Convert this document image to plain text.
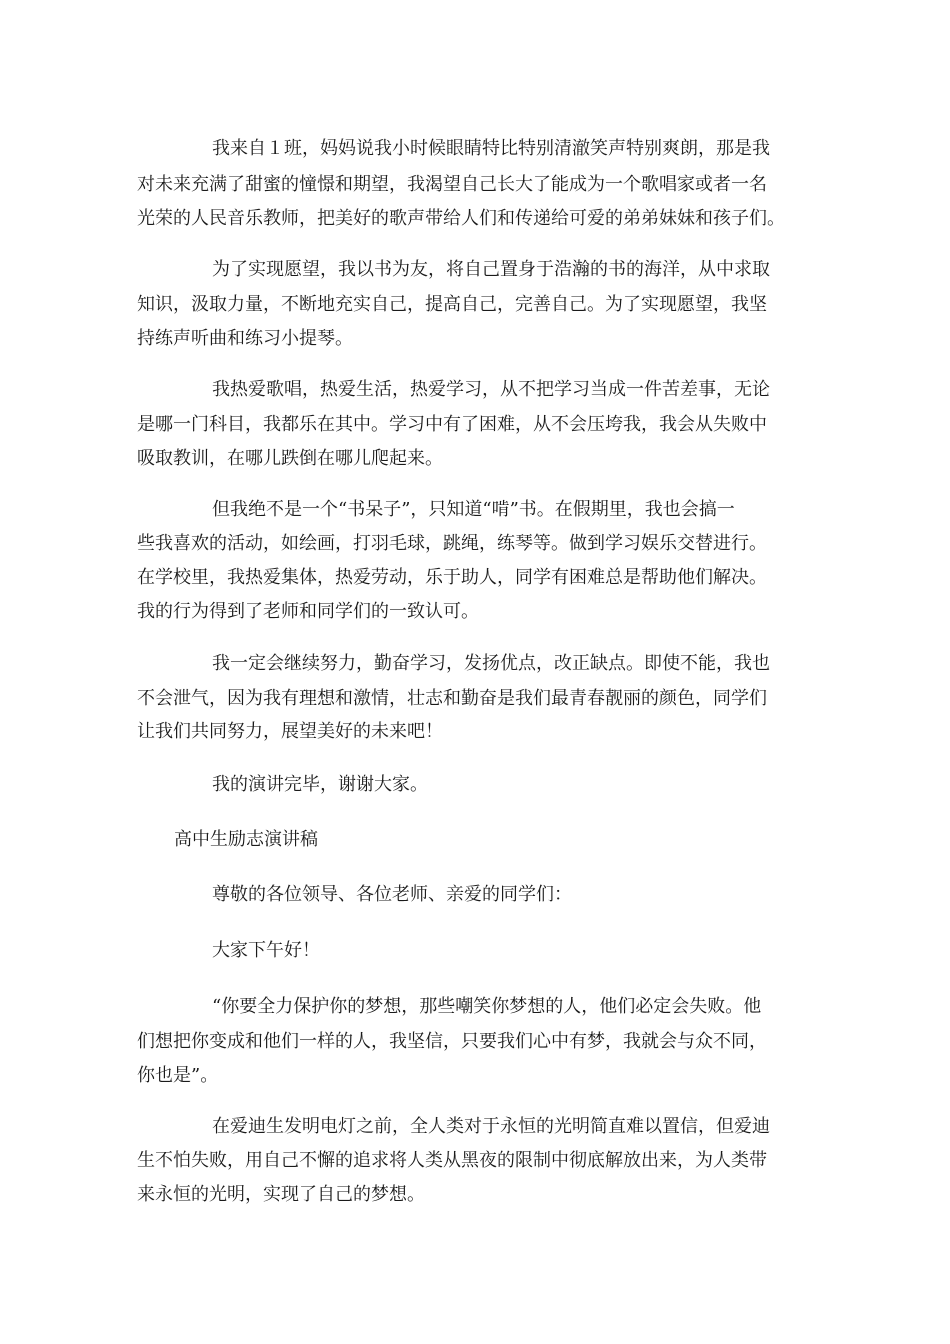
我来自１班，妈妈说我小时候眼睛特比特别清澈笑声特别爽朗，那是我
对未来充满了甜蜜的憧憬和期望，我渴望自己长大了能成为一个歌唱家或者一名
光荣的人民音乐教师，把美好的歌声带给人们和传递给可爱的弟弟妹妹和孩子们。
为了实现愿望，我以书为友，将自己置身于浩瀚的书的海洋，从中求取
知识，汲取力量，不断地充实自己，提高自己，完善自己。为了实现愿望，我坚
持练声听曲和练习小提琴。
我热爱歌唱，热爱生活，热爱学习，从不把学习当成一件苦差事，无论
是哪一门科目，我都乐在其中。学习中有了困难，从不会压垮我，我会从失败中
吸取教训，在哪儿跌倒在哪儿爬起来。
但我绝不是一个“书呆子”，只知道“啃”书。在假期里，我也会搞一
些我喜欢的活动，如绘画，打羽毛球，跳绳，练琴等。做到学习娱乐交替进行。
在学校里，我热爱集体，热爱劳动，乐于助人，同学有困难总是帮助他们解决。
我的行为得到了老师和同学们的一致认可。
我一定会继续努力，勤奋学习，发扬优点，改正缺点。即使不能，我也
不会泄气，因为我有理想和激情，壮志和勤奋是我们最青春靓丽的颜色，同学们
让我们共同努力，展望美好的未来吧！
我的演讲完毕，谢谢大家。
高中生励志演讲稿
尊敬的各位领导、各位老师、亲爱的同学们：
大家下午好！
“你要全力保护你的梦想，那些嘲笑你梦想的人，他们必定会失败。他
们想把你变成和他们一样的人，我坚信，只要我们心中有梦，我就会与众不同，
你也是”。
在爱迪生发明电灯之前，全人类对于永恒的光明简直难以置信，但爱迪
生不怕失败，用自己不懈的追求将人类从黑夜的限制中彻底解放出来，为人类带
来永恒的光明，实现了自己的梦想。
